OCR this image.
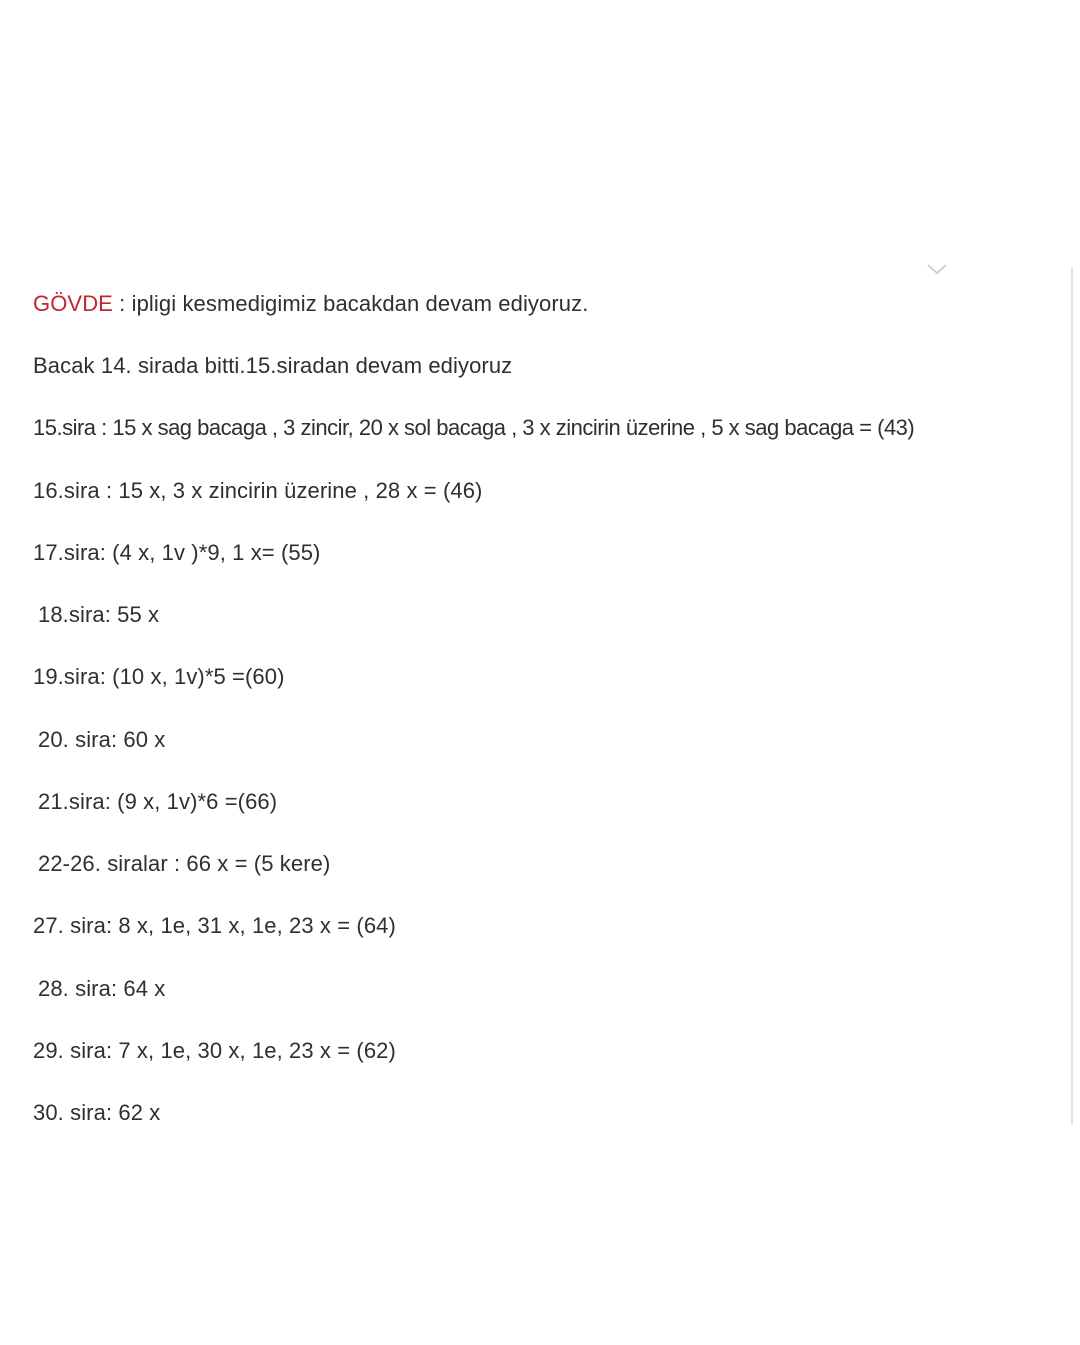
GÖVDE : ipligi kesmedigimiz bacakdan devam ediyoruz.
Bacak 14. sirada bitti.15.siradan devam ediyoruz
15.sira : 15 x sag bacaga , 3 zincir, 20 x sol bacaga , 3 x zincirin üzerine , 5 x sag bacaga = (43)
16.sira : 15 x, 3 x zincirin üzerine , 28 x = (46)
17.sira: (4 x, 1v )*9, 1 x= (55)
18.sira: 55 x
19.sira: (10 x, 1v)*5 =(60)
20. sira: 60 x
21.sira: (9 x, 1v)*6 =(66)
22-26. siralar : 66 x = (5 kere)
27. sira: 8 x, 1e, 31 x, 1e, 23 x = (64)
28. sira: 64 x
29. sira: 7 x, 1e, 30 x, 1e, 23 x = (62)
30. sira: 62 x
